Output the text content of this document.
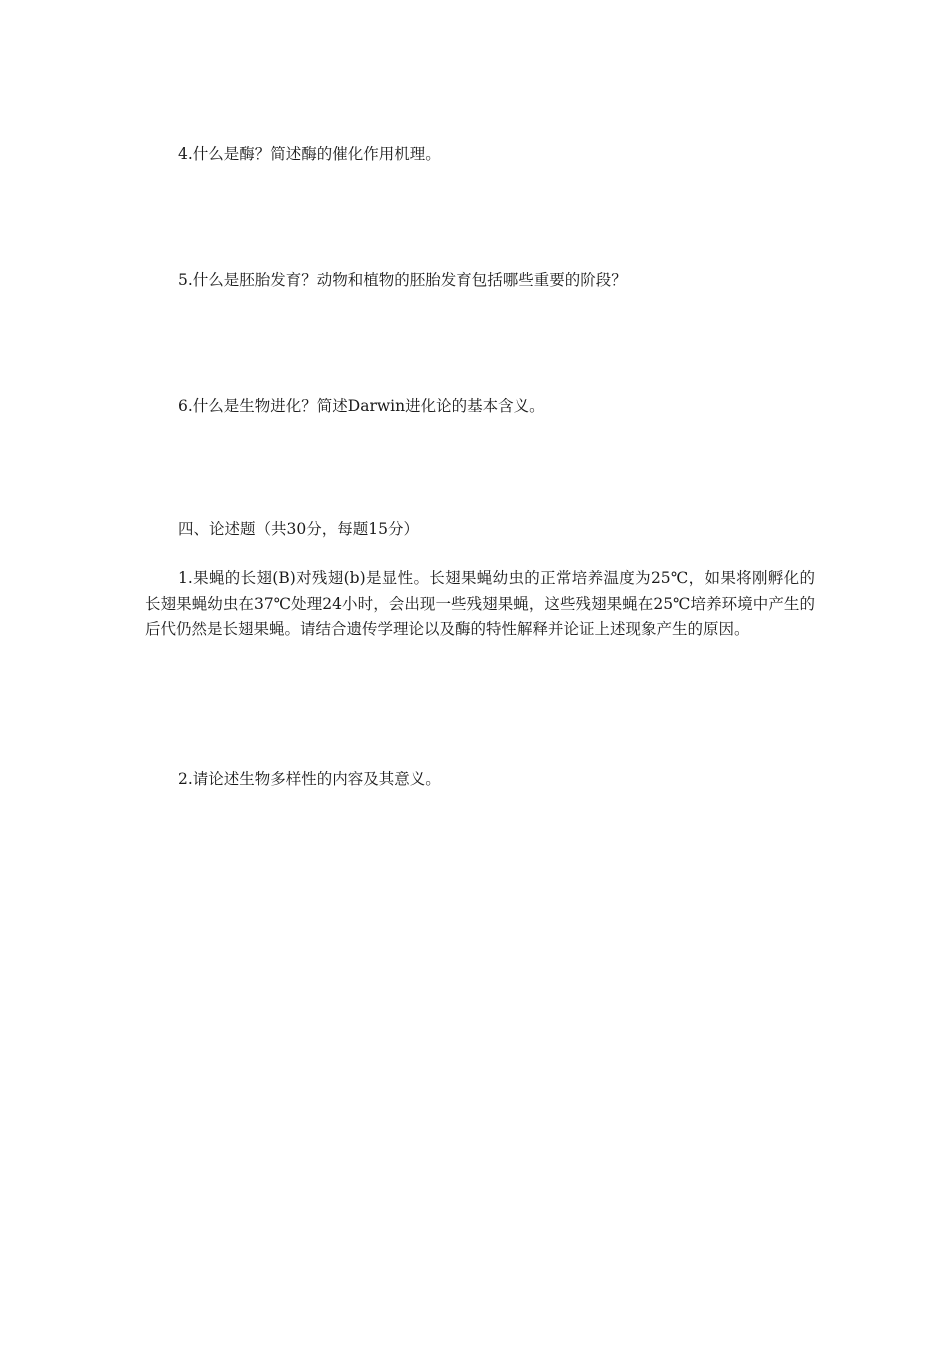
4.什么是酶？简述酶的催化作用机理。

5.什么是胚胎发育？动物和植物的胚胎发育包括哪些重要的阶段？

6.什么是生物进化？简述Darwin进化论的基本含义。

四、论述题（共30分，每题15分）

1.果蝇的长翅(B)对残翅(b)是显性。长翅果蝇幼虫的正常培养温度为25℃，如果将刚孵化的长翅果蝇幼虫在37℃处理24小时，会出现一些残翅果蝇，这些残翅果蝇在25℃培养环境中产生的后代仍然是长翅果蝇。请结合遗传学理论以及酶的特性解释并论证上述现象产生的原因。

2.请论述生物多样性的内容及其意义。
